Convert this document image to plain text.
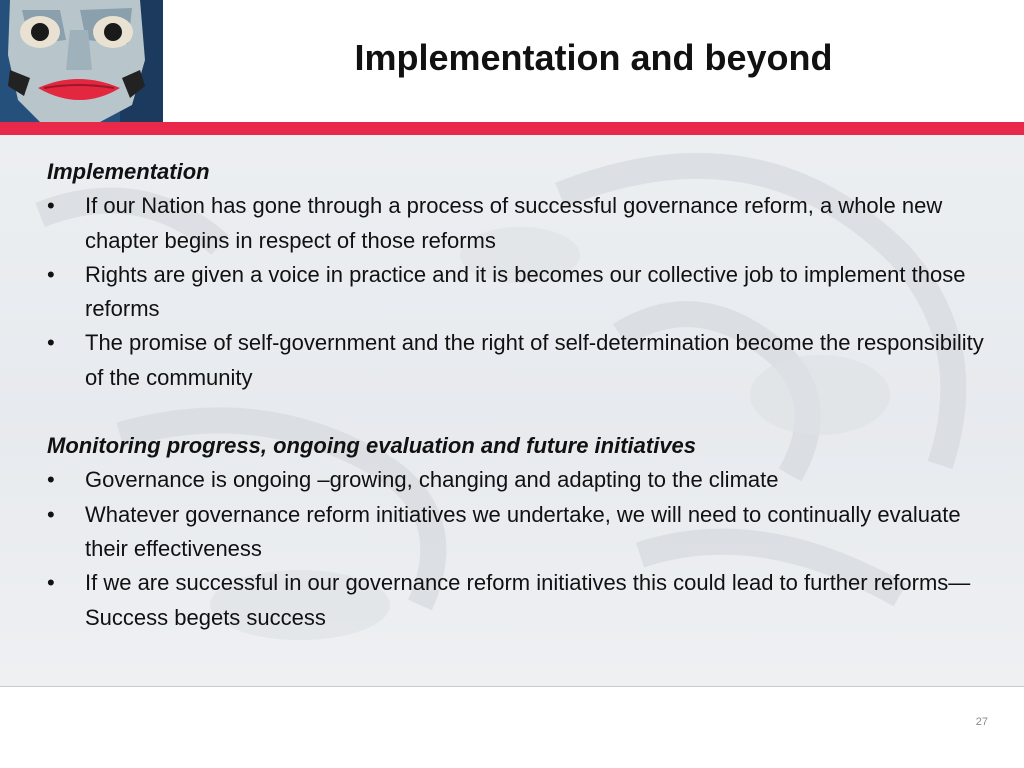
Implementation and beyond

Implementation

•	If our Nation has gone through a process of successful governance reform, a whole new chapter begins in respect of those reforms
•	Rights are given a voice in practice and it is becomes our collective job to implement those reforms
•	The promise of self-government and the right of self-determination become the responsibility of the community

Monitoring progress, ongoing evaluation and future initiatives

•	Governance is ongoing –growing, changing and adapting to the climate
•	Whatever governance reform initiatives we undertake, we will need to continually evaluate their effectiveness
•	If we are successful in our governance reform initiatives this could lead to further reforms—Success begets success
27
